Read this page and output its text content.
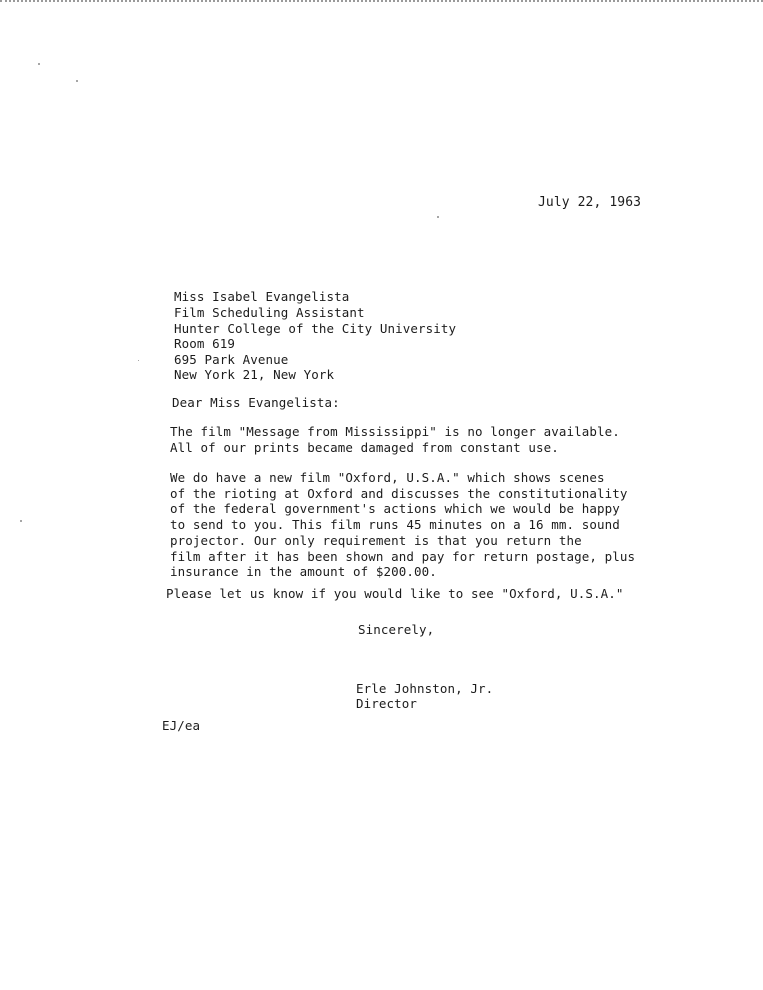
July 22, 1963
Miss Isabel Evangelista
Film Scheduling Assistant
Hunter College of the City University
Room 619
695 Park Avenue
New York 21, New York
Dear Miss Evangelista:
The film "Message from Mississippi" is no longer available.
All of our prints became damaged from constant use.
We do have a new film "Oxford, U.S.A." which shows scenes
of the rioting at Oxford and discusses the constitutionality
of the federal government's actions which we would be happy
to send to you. This film runs 45 minutes on a 16 mm. sound
projector. Our only requirement is that you return the
film after it has been shown and pay for return postage, plus
insurance in the amount of $200.00.
Please let us know if you would like to see "Oxford, U.S.A."
Sincerely,
Erle Johnston, Jr.
Director
EJ/ea
